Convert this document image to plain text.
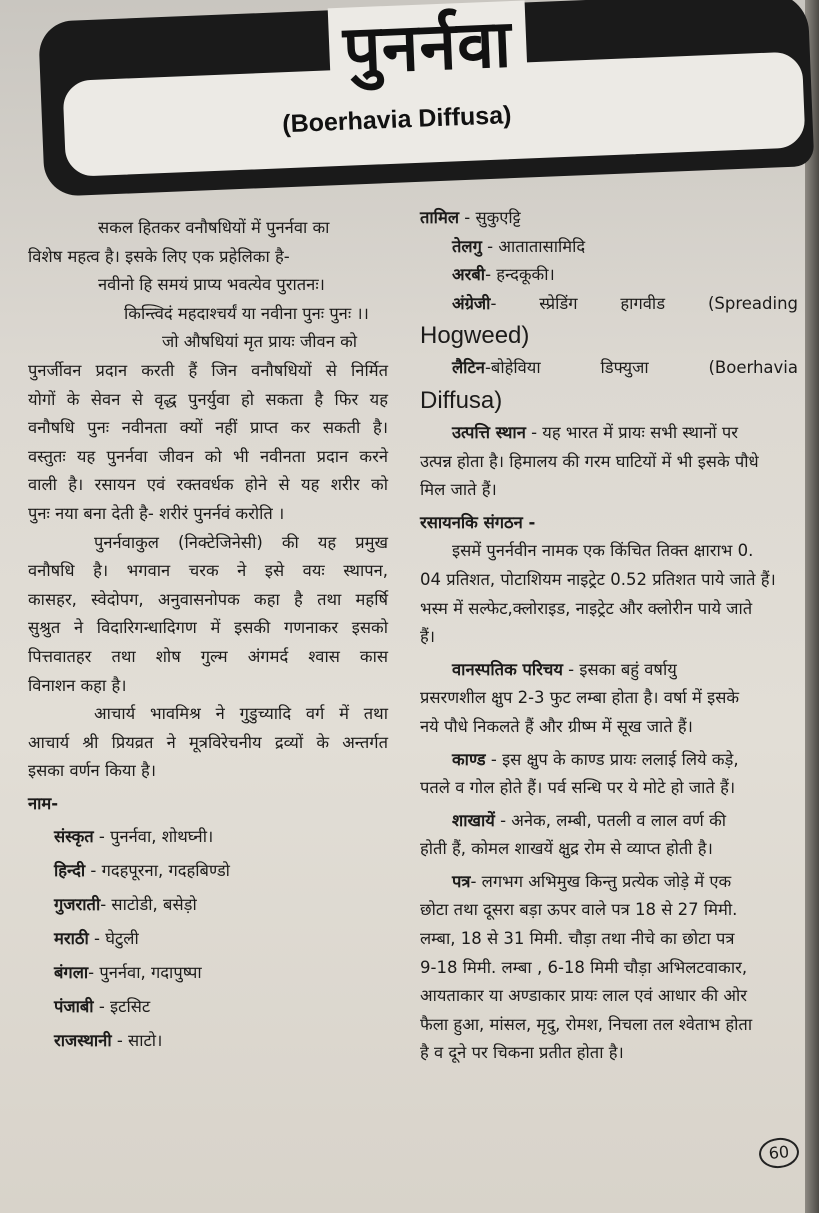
पुनर्नवा
(Boerhavia Diffusa)

सकल हितकर वनौषधियों में पुनर्नवा का

विशेष महत्व है। इसके लिए एक प्रहेलिका है-

नवीनो हि समयं प्राप्य भवत्येव पुरातनः।

किन्त्विदं महदाश्चर्यं या नवीना पुनः पुनः ।।

जो औषधियां मृत प्रायः जीवन को

पुनर्जीवन प्रदान करती हैं जिन वनौषधियों से निर्मित

योगों के सेवन से वृद्ध पुनर्युवा हो सकता है फिर यह

वनौषधि पुनः नवीनता क्यों नहीं प्राप्त कर सकती है।

वस्तुतः यह पुनर्नवा जीवन को भी नवीनता प्रदान करने

वाली है। रसायन एवं रक्तवर्धक होने से यह शरीर को

पुनः नया बना देती है- शरीरं पुनर्नवं करोति ।

पुनर्नवाकुल (निक्टेजिनेसी) की यह प्रमुख

वनौषधि है। भगवान चरक ने इसे वयः स्थापन,

कासहर, स्वेदोपग, अनुवासनोपक कहा है तथा महर्षि

सुश्रुत ने विदारिगन्धादिगण में इसकी गणनाकर इसको

पित्तवातहर तथा शोष गुल्म अंगमर्द श्वास कास

विनाशन कहा है।

आचार्य भावमिश्र ने गुडुच्यादि वर्ग में तथा

आचार्य श्री प्रियव्रत ने मूत्रविरेचनीय द्रव्यों के अन्तर्गत

इसका वर्णन किया है।

नाम-

संस्कृत - पुनर्नवा, शोथघ्नी।

हिन्दी - गदहपूरना, गदहबिण्डो

गुजराती- साटोडी, बसेड़ो

मराठी - घेटुली

बंगला- पुनर्नवा, गदापुष्पा

पंजाबी - इटसिट

राजस्थानी - साटो।

तामिल - सुकुएट्टि

तेलगु - आतातासामिदि

अरबी- हन्दकूकी।

अंग्रेजी- स्प्रेडिंग हागवीड (Spreading

Hogweed)

लैटिन-बोहेविया डिफ्युजा (Boerhavia

Diffusa)

उत्पत्ति स्थान - यह भारत में प्रायः सभी स्थानों पर

उत्पन्न होता है। हिमालय की गरम घाटियों में भी इसके पौधे

मिल जाते हैं।

रसायनकि संगठन -

इसमें पुनर्नवीन नामक एक किंचित तिक्त क्षाराभ 0.

04 प्रतिशत, पोटाशियम नाइट्रेट 0.52 प्रतिशत पाये जाते हैं।

भस्म में सल्फेट,क्लोराइड, नाइट्रेट और क्लोरीन पाये जाते

हैं।

वानस्पतिक परिचय - इसका बहुं वर्षायु

प्रसरणशील क्षुप 2-3 फुट लम्बा होता है। वर्षा में इसके

नये पौधे निकलते हैं और ग्रीष्म में सूख जाते हैं।

काण्ड - इस क्षुप के काण्ड प्रायः ललाई लिये कड़े,

पतले व गोल होते हैं। पर्व सन्धि पर ये मोटे हो जाते हैं।

शाखायें - अनेक, लम्बी, पतली व लाल वर्ण की

होती हैं, कोमल शाखयें क्षुद्र रोम से व्याप्त होती है।

पत्र- लगभग अभिमुख किन्तु प्रत्येक जोड़े में एक

छोटा तथा दूसरा बड़ा ऊपर वाले पत्र 18 से 27 मिमी.

लम्बा, 18 से 31 मिमी. चौड़ा तथा नीचे का छोटा पत्र

9-18 मिमी. लम्बा , 6-18 मिमी चौड़ा अभिलटवाकार,

आयताकार या अण्डाकार प्रायः लाल एवं आधार की ओर

फैला हुआ, मांसल, मृदु, रोमश, निचला तल श्वेताभ होता

है व दूने पर चिकना प्रतीत होता है।

60
